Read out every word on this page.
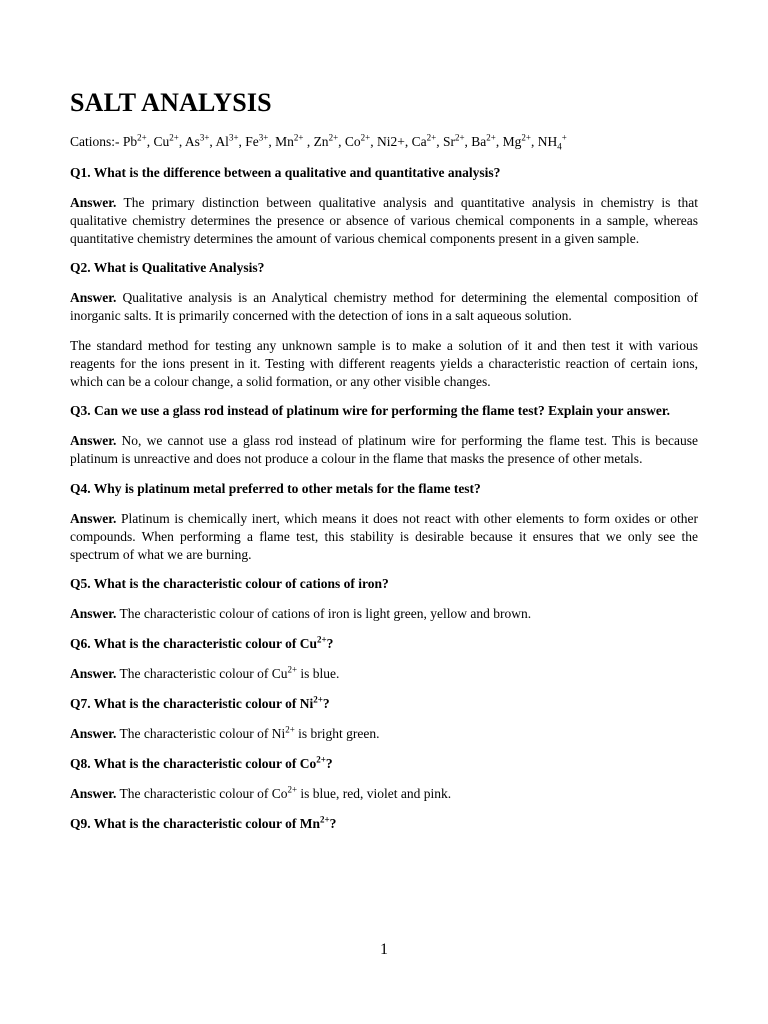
SALT ANALYSIS

Cations:- $Pb^{2+}$, $Cu^{2+}$, $As^{3+}$, $Al^{3+}$, $Fe^{3+}$, $Mn^{2+}$ , $Zn^{2+}$, $Co^{2+}$, Ni2+, $Ca^{2+}$, $Sr^{2+}$, $Ba^{2+}$, $Mg^{2+}$, $NH_4^+$

Q1. What is the difference between a qualitative and quantitative analysis?

Answer. The primary distinction between qualitative analysis and quantitative analysis in chemistry is that qualitative chemistry determines the presence or absence of various chemical components in a sample, whereas quantitative chemistry determines the amount of various chemical components present in a given sample.

Q2. What is Qualitative Analysis?

Answer. Qualitative analysis is an Analytical chemistry method for determining the elemental composition of inorganic salts. It is primarily concerned with the detection of ions in a salt aqueous solution.

The standard method for testing any unknown sample is to make a solution of it and then test it with various reagents for the ions present in it. Testing with different reagents yields a characteristic reaction of certain ions, which can be a colour change, a solid formation, or any other visible changes.

Q3. Can we use a glass rod instead of platinum wire for performing the flame test? Explain your answer.

Answer. No, we cannot use a glass rod instead of platinum wire for performing the flame test. This is because platinum is unreactive and does not produce a colour in the flame that masks the presence of other metals.

Q4. Why is platinum metal preferred to other metals for the flame test?

Answer. Platinum is chemically inert, which means it does not react with other elements to form oxides or other compounds. When performing a flame test, this stability is desirable because it ensures that we only see the spectrum of what we are burning.

Q5. What is the characteristic colour of cations of iron?

Answer. The characteristic colour of cations of iron is light green, yellow and brown.

Q6. What is the characteristic colour of $Cu^{2+}$?

Answer. The characteristic colour of $Cu^{2+}$ is blue.

Q7. What is the characteristic colour of $Ni^{2+}$?

Answer. The characteristic colour of $Ni^{2+}$ is bright green.

Q8. What is the characteristic colour of $Co^{2+}$?

Answer. The characteristic colour of $Co^{2+}$ is blue, red, violet and pink.

Q9. What is the characteristic colour of $Mn^{2+}$?

1
